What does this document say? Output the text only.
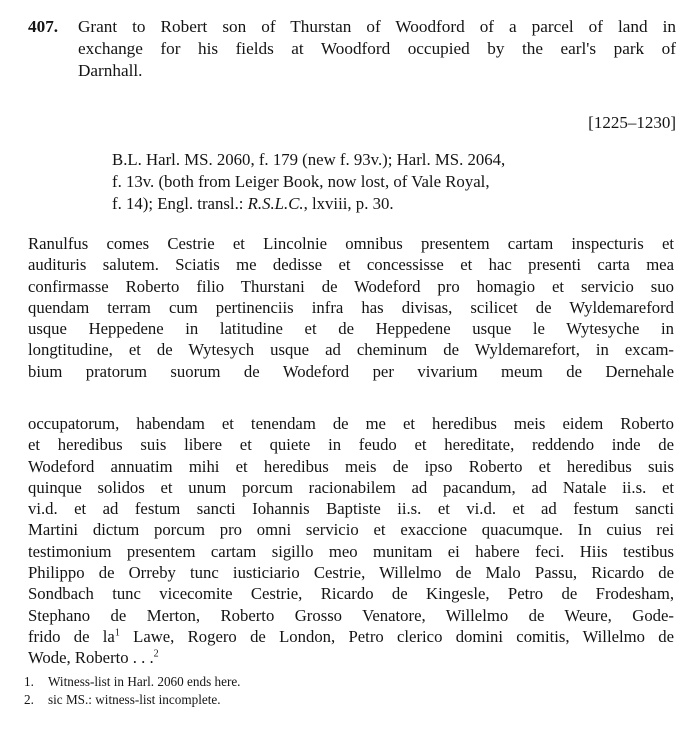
407. Grant to Robert son of Thurstan of Woodford of a parcel of land in
exchange for his fields at Woodford occupied by the earl's park of
Darnhall.
[1225–1230]
B.L. Harl. MS. 2060, f. 179 (new f. 93v.); Harl. MS. 2064,
f. 13v. (both from Leiger Book, now lost, of Vale Royal,
f. 14); Engl. transl.: R.S.L.C., lxviii, p. 30.
Ranulfus comes Cestrie et Lincolnie omnibus presentem cartam inspecturis et
audituris salutem. Sciatis me dedisse et concessisse et hac presenti carta mea
confirmasse Roberto filio Thurstani de Wodeford pro homagio et servicio suo
quendam terram cum pertinenciis infra has divisas, scilicet de Wyldemareford
usque Heppedene in latitudine et de Heppedene usque le Wytesyche in
longtitudine, et de Wytesych usque ad cheminum de Wyldemarefort, in excam-
bium pratorum suorum de Wodeford per vivarium meum de Dernehale
occupatorum, habendam et tenendam de me et heredibus meis eidem Roberto
et heredibus suis libere et quiete in feudo et hereditate, reddendo inde de
Wodeford annuatim mihi et heredibus meis de ipso Roberto et heredibus suis
quinque solidos et unum porcum racionabilem ad pacandum, ad Natale ii.s. et
vi.d. et ad festum sancti Iohannis Baptiste ii.s. et vi.d. et ad festum sancti
Martini dictum porcum pro omni servicio et exaccione quacumque. In cuius rei
testimonium presentem cartam sigillo meo munitam ei habere feci. Hiis testibus
Philippo de Orreby tunc iusticiario Cestrie, Willelmo de Malo Passu, Ricardo de
Sondbach tunc vicecomite Cestrie, Ricardo de Kingesle, Petro de Frodesham,
Stephano de Merton, Roberto Grosso Venatore, Willelmo de Weure, Gode-
frido de $la^1$ Lawe, Rogero de London, Petro clerico domini comitis, Willelmo de
Wode, Roberto . . .$^2$
1. Witness-list in Harl. 2060 ends here.
2. sic MS.: witness-list incomplete.
